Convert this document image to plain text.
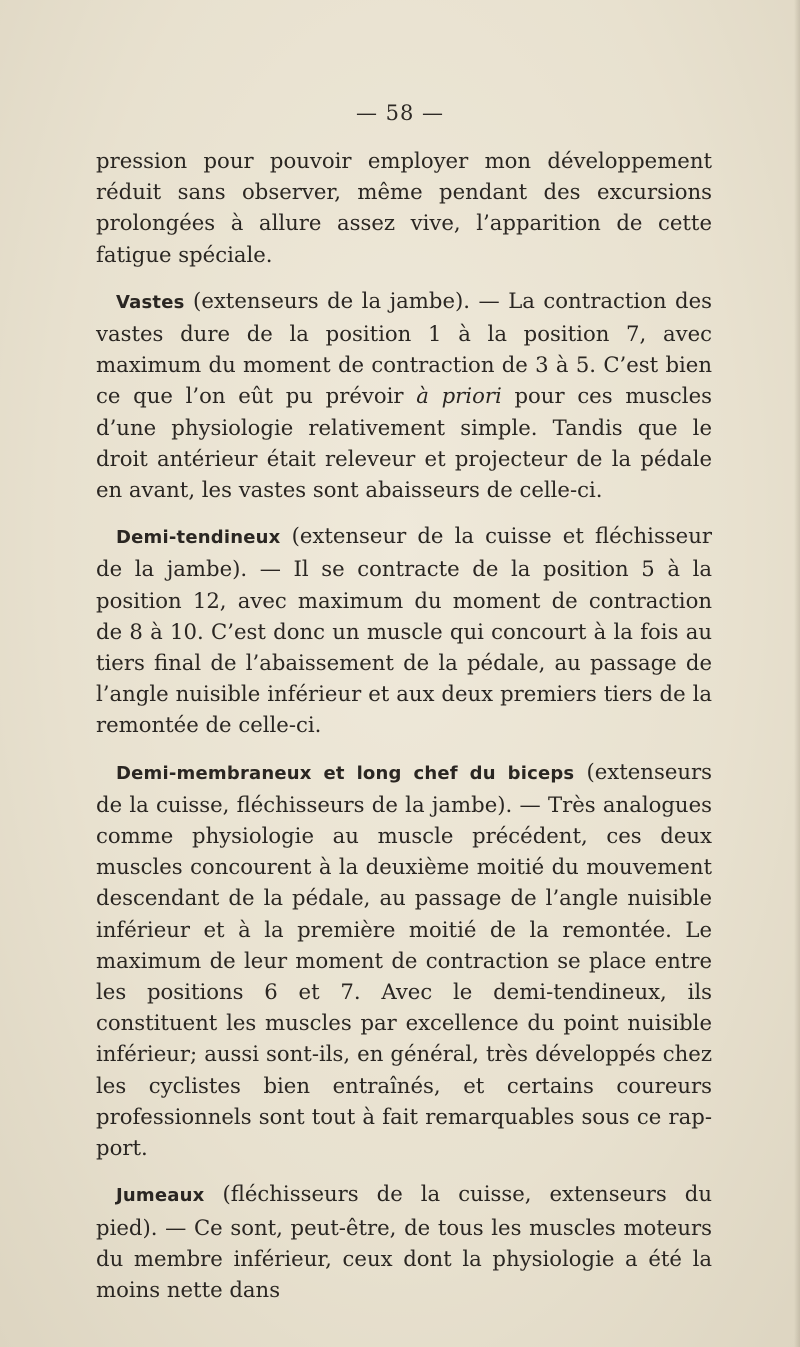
— 58 —

pression pour pouvoir employer mon développement réduit sans observer, même pendant des excursions prolongées à allure assez vive, l’apparition de cette fatigue spéciale.

Vastes (extenseurs de la jambe). — La contraction des vastes dure de la position 1 à la position 7, avec maximum du moment de contraction de 3 à 5. C’est bien ce que l’on eût pu prévoir à priori pour ces muscles d’une physiologie relativement simple. Tandis que le droit antérieur était releveur et projecteur de la pédale en avant, les vastes sont abaisseurs de celle-ci.

Demi-tendineux (extenseur de la cuisse et fléchisseur de la jambe). — Il se contracte de la position 5 à la position 12, avec maximum du moment de contraction de 8 à 10. C’est donc un muscle qui concourt à la fois au tiers final de l’abaissement de la pédale, au passage de l’angle nuisible inférieur et aux deux premiers tiers de la remontée de celle-ci.

Demi-membraneux et long chef du biceps (extenseurs de la cuisse, fléchisseurs de la jambe). — Très analogues comme physiologie au muscle précédent, ces deux muscles concourent à la deuxième moitié du mouvement descendant de la pédale, au passage de l’angle nuisible inférieur et à la première moitié de la remontée. Le maximum de leur moment de contraction se place entre les positions 6 et 7. Avec le demi-tendineux, ils constituent les muscles par excellence du point nuisible inférieur; aussi sont-ils, en général, très développés chez les cyclistes bien entraînés, et certains coureurs professionnels sont tout à fait remarquables sous ce rapport.

Jumeaux (fléchisseurs de la cuisse, extenseurs du pied). — Ce sont, peut-être, de tous les muscles moteurs du membre inférieur, ceux dont la physiologie a été la moins nette dans
